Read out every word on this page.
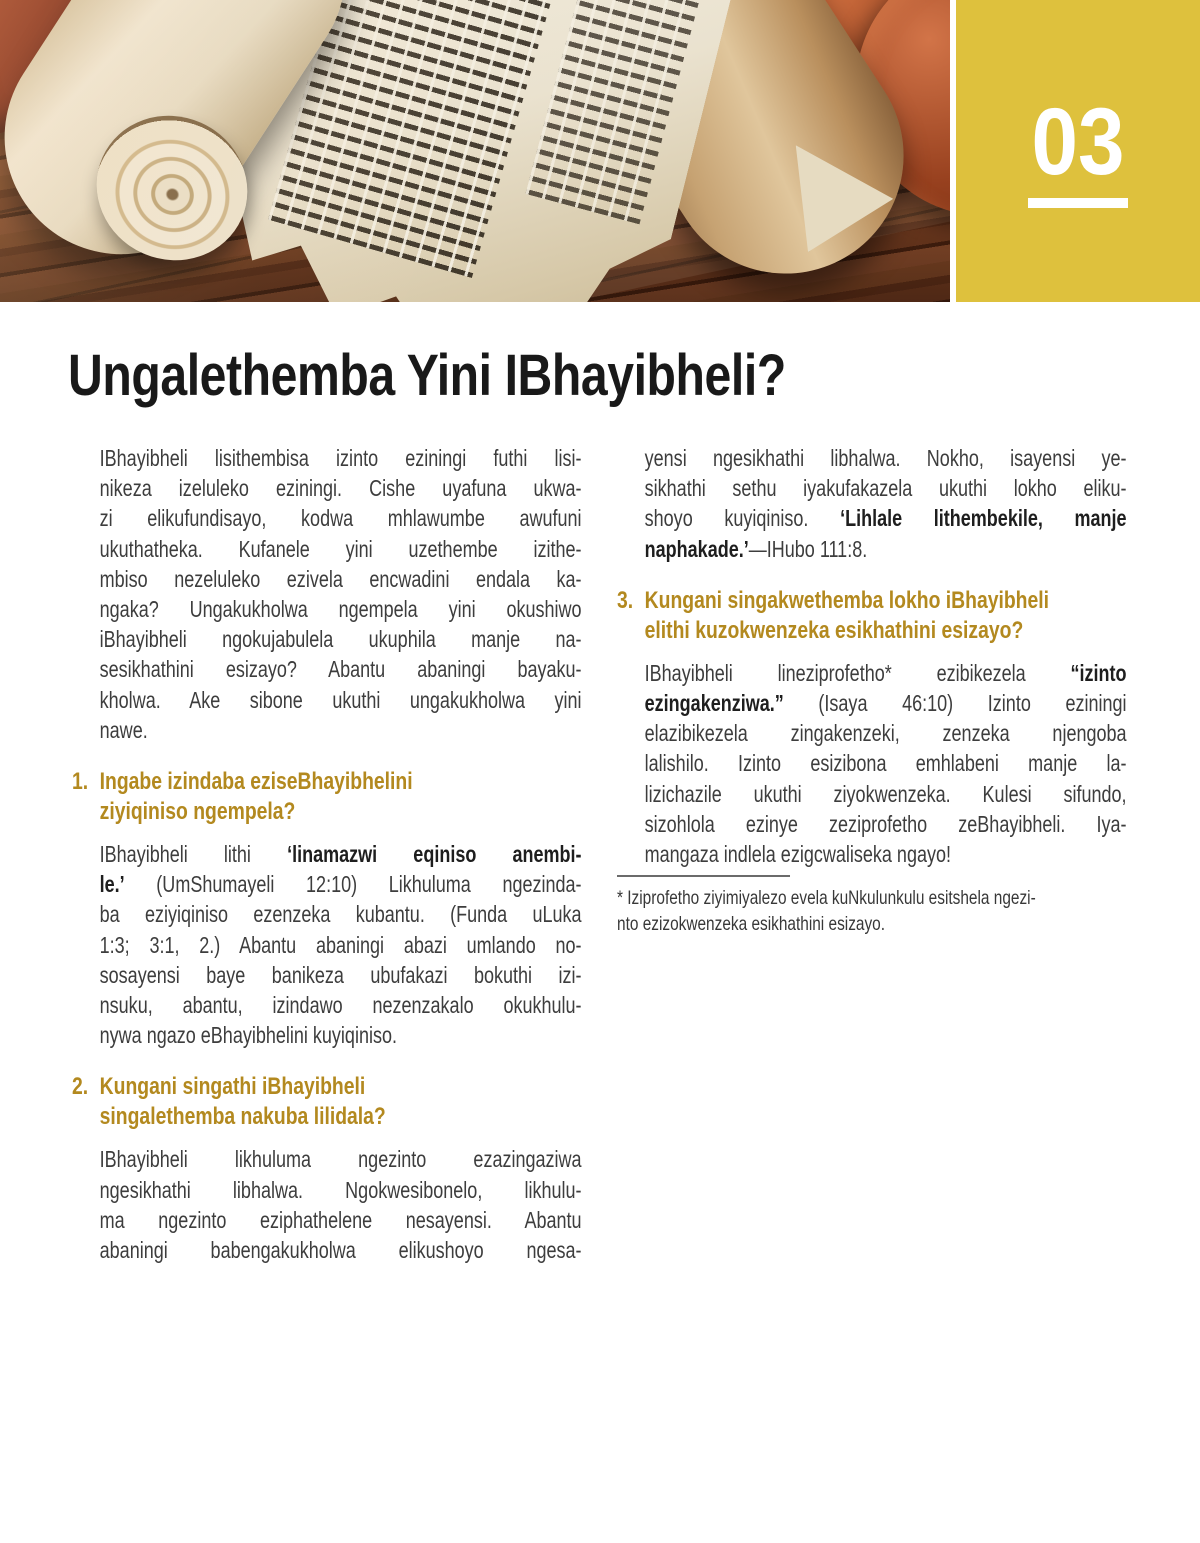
03
Ungalethemba Yini IBhayibheli?
IBhayibheli lisithembisa izinto eziningi futhi lisi-
nikeza izeluleko eziningi. Cishe uyafuna ukwa-
zi elikufundisayo, kodwa mhlawumbe awufuni
ukuthatheka. Kufanele yini uzethembe izithe-
mbiso nezeluleko ezivela encwadini endala ka-
ngaka? Ungakukholwa ngempela yini okushiwo
iBhayibheli ngokujabulela ukuphila manje na-
sesikhathini esizayo? Abantu abaningi bayaku-
kholwa. Ake sibone ukuthi ungakukholwa yini
nawe.
1. Ingabe izindaba eziseBhayibhelini
ziyiqiniso ngempela?
IBhayibheli lithi ‘linamazwi eqiniso anembi-
le.’ (UmShumayeli 12:10) Likhuluma ngezinda-
ba eziyiqiniso ezenzeka kubantu. (Funda uLuka
1:3; 3:1, 2.) Abantu abaningi abazi umlando no-
sosayensi baye banikeza ubufakazi bokuthi izi-
nsuku, abantu, izindawo nezenzakalo okukhulu-
nywa ngazo eBhayibhelini kuyiqiniso.
2. Kungani singathi iBhayibheli
singalethemba nakuba lilidala?
IBhayibheli likhuluma ngezinto ezazingaziwa
ngesikhathi libhalwa. Ngokwesibonelo, likhulu-
ma ngezinto eziphathelene nesayensi. Abantu
abaningi babengakukholwa elikushoyo ngesa-
yensi ngesikhathi libhalwa. Nokho, isayensi ye-
sikhathi sethu iyakufakazela ukuthi lokho eliku-
shoyo kuyiqiniso. ‘Lihlale lithembekile, manje
naphakade.’—IHubo 111:8.
3. Kungani singakwethemba lokho iBhayibheli
elithi kuzokwenzeka esikhathini esizayo?
IBhayibheli lineziprofetho* ezibikezela “izinto
ezingakenziwa.” (Isaya 46:10) Izinto eziningi
elazibikezela zingakenzeki, zenzeka njengoba
lalishilo. Izinto esizibona emhlabeni manje la-
lizichazile ukuthi ziyokwenzeka. Kulesi sifundo,
sizohlola ezinye zeziprofetho zeBhayibheli. Iya-
mangaza indlela ezigcwaliseka ngayo!
* Iziprofetho ziyimiyalezo evela kuNkulunkulu esitshela ngezi-
nto ezizokwenzeka esikhathini esizayo.
